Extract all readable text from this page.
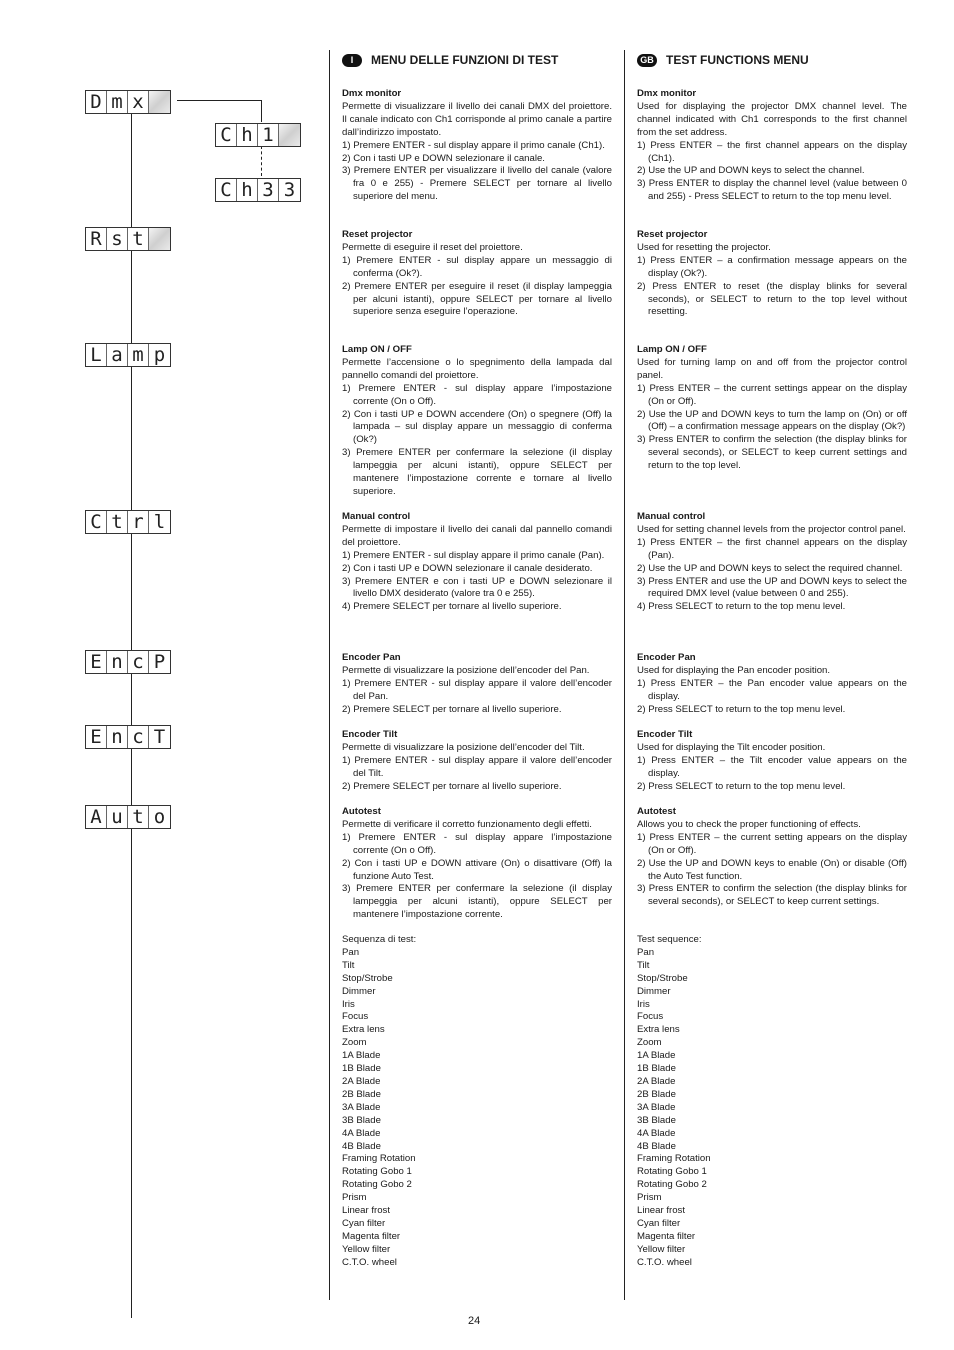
D m x
C h 1
C h 3 3
R s t
L a m p
C t r l
E n c P
E n c T
A u t o
I	MENU DELLE FUNZIONI DI TEST
Dmx monitor

Permette di visualizzare il livello dei canali DMX del proiettore. Il canale indicato con Ch1 corrisponde al primo canale a partire dall’indirizzo impostato.

1) Premere ENTER - sul display appare il primo canale (Ch1).
2) Con i tasti UP e DOWN selezionare il canale.
3) Premere ENTER per visualizzare il livello del canale (valore fra 0 e 255) - Premere SELECT per tornare al livello superiore del menu.
Reset projector

Permette di eseguire il reset del proiettore.

1) Premere ENTER - sul display appare un messaggio di conferma (Ok?).
2) Premere ENTER per eseguire il reset (il display lampeggia per alcuni istanti), oppure SELECT per tornare al livello superiore senza eseguire l’operazione.
Lamp ON / OFF

Permette l’accensione o lo spegnimento della lampada dal pannello comandi del proiettore.

1) Premere ENTER - sul display appare l’impostazione corrente (On o Off).
2) Con i tasti UP e DOWN accendere (On) o spegnere (Off) la lampada – sul display appare un messaggio di conferma (Ok?)
3) Premere ENTER per confermare la selezione (il display lampeggia per alcuni istanti), oppure SELECT per mantenere l’impostazione corrente e tornare al livello superiore.
Manual control

Permette di impostare il livello dei canali dal pannello comandi del proiettore.

1) Premere ENTER - sul display appare il primo canale (Pan).
2) Con i tasti UP e DOWN selezionare il canale desiderato.
3) Premere ENTER e con i tasti UP e DOWN selezionare il livello DMX desiderato (valore tra 0 e 255).
4) Premere SELECT per tornare al livello superiore.
Encoder Pan

Permette di visualizzare la posizione dell’encoder del Pan.

1) Premere ENTER - sul display appare il valore dell’encoder del Pan.
2) Premere SELECT per tornare al livello superiore.
Encoder Tilt

Permette di visualizzare la posizione dell’encoder del Tilt.

1) Premere ENTER - sul display appare il valore dell’encoder del Tilt.
2) Premere SELECT per tornare al livello superiore.
Autotest

Permette di verificare il corretto funzionamento degli effetti.

1) Premere ENTER - sul display appare l’impostazione corrente (On o Off).
2) Con i tasti UP e DOWN attivare (On) o disattivare (Off) la funzione Auto Test.
3) Premere ENTER per confermare la selezione (il display lampeggia per alcuni istanti), oppure SELECT per mantenere l’impostazione corrente.
Sequenza di test:
Pan
Tilt
Stop/Strobe
Dimmer
Iris
Focus
Extra lens
Zoom
1A Blade
1B Blade
2A Blade
2B Blade
3A Blade
3B Blade
4A Blade
4B Blade
Framing Rotation
Rotating Gobo 1
Rotating Gobo 2
Prism
Linear frost
Cyan filter
Magenta filter
Yellow filter
C.T.O. wheel
GB TEST FUNCTIONS MENU
Dmx monitor

Used for displaying the projector DMX channel level. The channel indicated with Ch1 corresponds to the first channel from the set address.

1) Press ENTER – the first channel appears on the display (Ch1).
2) Use the UP and DOWN keys to select the channel.
3) Press ENTER to display the channel level (value between 0 and 255) - Press SELECT to return to the top menu level.
Reset projector

Used for resetting the projector.

1) Press ENTER – a confirmation message appears on the display (Ok?).
2) Press ENTER to reset (the display blinks for several seconds), or SELECT to return to the top level without resetting.
Lamp ON / OFF

Used for turning lamp on and off from the projector control panel.

1) Press ENTER – the current settings appear on the display (On or Off).
2) Use the UP and DOWN keys to turn the lamp on (On) or off (Off) – a confirmation message appears on the display (Ok?)
3) Press ENTER to confirm the selection (the display blinks for several seconds), or SELECT to keep current settings and return to the top level.
Manual control

Used for setting channel levels from the projector control panel.

1) Press ENTER – the first channel appears on the display (Pan).
2) Use the UP and DOWN keys to select the required channel.
3) Press ENTER and use the UP and DOWN keys to select the required DMX level (value between 0 and 255).
4) Press SELECT to return to the top menu level.
Encoder Pan

Used for displaying the Pan encoder position.

1) Press ENTER – the Pan encoder value appears on the display.
2) Press SELECT to return to the top menu level.
Encoder Tilt

Used for displaying the Tilt encoder position.

1) Press ENTER – the Tilt encoder value appears on the display.
2) Press SELECT to return to the top menu level.
Autotest

Allows you to check the proper functioning of effects.

1) Press ENTER – the current setting appears on the display (On or Off).
2) Use the UP and DOWN keys to enable (On) or disable (Off) the Auto Test function.
3) Press ENTER to confirm the selection (the display blinks for several seconds), or SELECT to keep current settings.
Test sequence:
Pan
Tilt
Stop/Strobe
Dimmer
Iris
Focus
Extra lens
Zoom
1A Blade
1B Blade
2A Blade
2B Blade
3A Blade
3B Blade
4A Blade
4B Blade
Framing Rotation
Rotating Gobo 1
Rotating Gobo 2
Prism
Linear frost
Cyan filter
Magenta filter
Yellow filter
C.T.O. wheel
24
